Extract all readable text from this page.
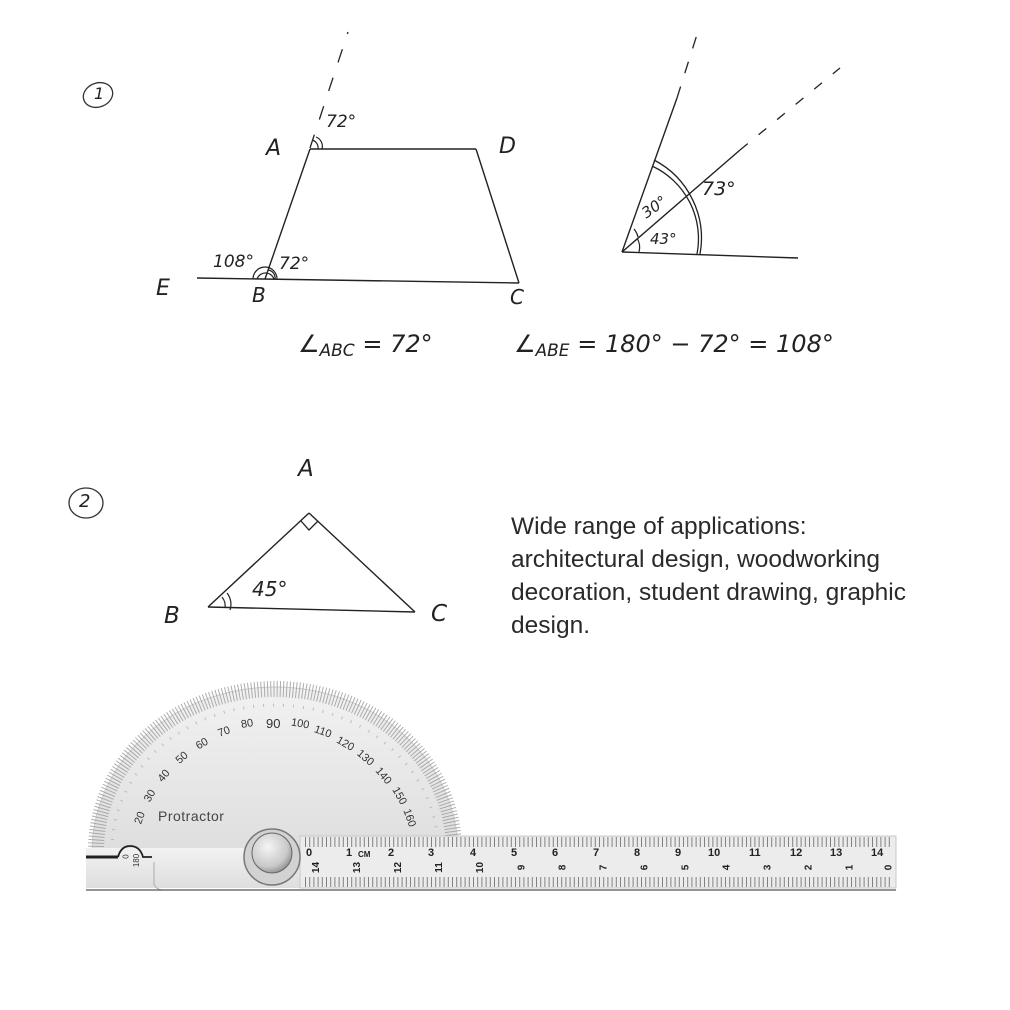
1
A	D
E	B	C
72°
108° 72°
30°
43°
73°
∠ABC = 72°	∠ABE = 180° − 72° = 108°
2
A
B	C
45°
Wide range of applications:
architectural design, woodworking
decoration, student drawing, graphic
design.
Protractor
90
80	100
70	110
60	120
50	130
40	140
30	150
20	160
0 180	CM
0	1	2	3	4	5	6	7	8	9 10	11	12	13	14
14	13	12	11	10	9	8	7	6	5	4	3	2	1	0
